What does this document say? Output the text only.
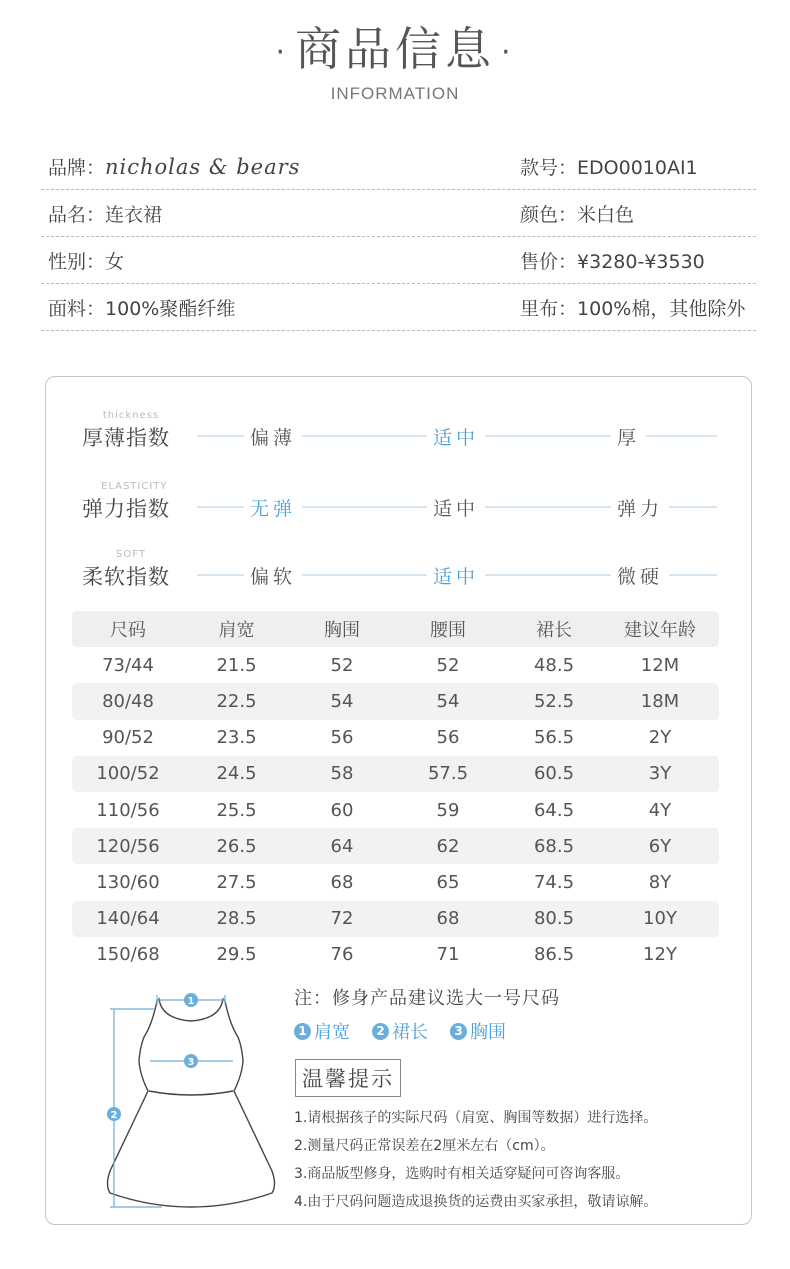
· 商品信息 ·
INFORMATION
品牌：nicholas & bears	款号：EDO0010AI1
品名：连衣裙	颜色：米白色
性别：女	售价：¥3280-¥3530
面料：100%聚酯纤维	里布：100%棉，其他除外
thickness
厚薄指数	偏薄	适中	厚
ELASTICITY
弹力指数	无弹	适中	弹力
SOFT
柔软指数	偏软	适中	微硬
尺码	肩宽	胸围	腰围	裙长	建议年龄
73/44	21.5	52	52	48.5	12M
80/48	22.5	54	54	52.5	18M
90/52	23.5	56	56	56.5	2Y
100/52	24.5	58	57.5	60.5	3Y
110/56	25.5	60	59	64.5	4Y
120/56	26.5	64	62	68.5	6Y
130/60	27.5	68	65	74.5	8Y
140/64	28.5	72	68	80.5	10Y
150/68	29.5	76	71	86.5	12Y
1
3
2
注：修身产品建议选大一号尺码
1 肩宽	2 裙长	3 胸围
温馨提示
1.请根据孩子的实际尺码（肩宽、胸围等数据）进行选择。
2.测量尺码正常误差在2厘米左右（cm）。
3.商品版型修身，选购时有相关适穿疑问可咨询客服。
4.由于尺码问题造成退换货的运费由买家承担，敬请谅解。
